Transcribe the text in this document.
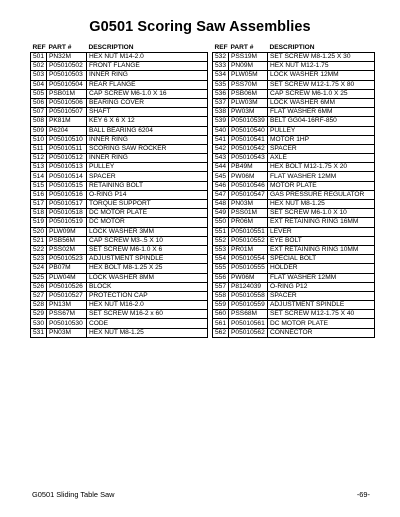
G0501 Scoring Saw Assemblies
REF	PART #	DESCRIPTION
501	PN32M	HEX NUT M14-2.0
502	P05010502	FRONT FLANGE
503	P05010503	INNER RING
504	P05010504	REAR FLANGE
505	PSB01M	CAP SCREW M6-1.0 X 16
506	P05010506	BEARING COVER
507	P05010507	SHAFT
508	PK81M	KEY 6 X 6 X 12
509	P6204	BALL BEARING 6204
510	P05010510	INNER RING
511	P05010511	SCORING SAW ROCKER
512	P05010512	INNER RING
513	P05010513	PULLEY
514	P05010514	SPACER
515	P05010515	RETAINING BOLT
516	P05010516	O-RING P14
517	P05010517	TORQUE SUPPORT
518	P05010518	DC MOTOR PLATE
519	P05010519	DC MOTOR
520	PLW09M	LOCK WASHER 3MM
521	PSB56M	CAP SCREW M3-.5 X 10
522	PSS02M	SET SCREW M6-1.0 X 6
523	P05010523	ADJUSTMENT SPINDLE
524	PB07M	HEX BOLT M8-1.25 X 25
525	PLW04M	LOCK WASHER 8MM
526	P05010526	BLOCK
527	P05010527	PROTECTION CAP
528	PN13M	HEX NUT M16-2.0
529	PSS67M	SET SCREW M16-2 x 60
530	P05010530	CODE
531	PN03M	HEX NUT M8-1.25
REF	PART #	DESCRIPTION
532	PSS19M	SET SCREW M8-1.25 X 30
533	PN09M	HEX NUT M12-1.75
534	PLW05M	LOCK WASHER 12MM
535	PSS70M	SET SCREW M12-1.75 X 80
536	PSB06M	CAP SCREW M6-1.0 X 25
537	PLW03M	LOCK WASHER 6MM
538	PW03M	FLAT WASHER 6MM
539	P05010539	BELT GG04-16RF-850
540	P05010540	PULLEY
541	P05010541	MOTOR 1HP
542	P05010542	SPACER
543	P05010543	AXLE
544	PB49M	HEX BOLT M12-1.75 X 20
545	PW06M	FLAT WASHER 12MM
546	P05010546	MOTOR PLATE
547	P05010547	GAS PRESSURE REGULATOR
548	PN03M	HEX NUT M8-1.25
549	PSS01M	SET SCREW M6-1.0 X 10
550	PR06M	EXT RETAINING RING 16MM
551	P05010551	LEVER
552	P05010552	EYE BOLT
553	PR01M	EXT RETAINING RING 10MM
554	P05010554	SPECIAL BOLT
555	P05010555	HOLDER
556	PW06M	FLAT WASHER 12MM
557	P8124039	O-RING P12
558	P05010558	SPACER
559	P05010559	ADJUSTMENT SPINDLE
560	PSS68M	SET SCREW M12-1.75 X 40
561	P05010561	DC MOTOR PLATE
562	P05010562	CONNECTOR
G0501 Sliding Table Saw	-69-
